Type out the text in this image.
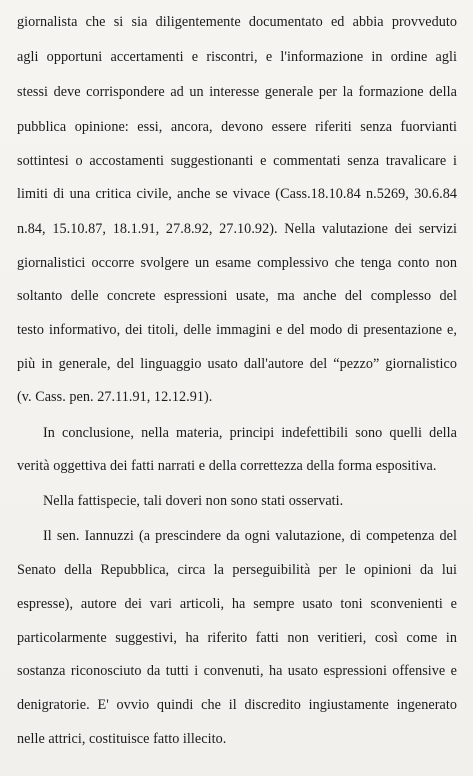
giornalista che si sia diligentemente documentato ed abbia provveduto
agli opportuni accertamenti e riscontri, e l'informazione in ordine agli
stessi deve corrispondere ad un interesse generale per la formazione della
pubblica opinione: essi, ancora, devono essere riferiti senza fuorvianti
sottintesi o accostamenti suggestionanti e commentati senza travalicare i
limiti di una critica civile, anche se vivace (Cass.18.10.84 n.5269, 30.6.84
n.84, 15.10.87, 18.1.91, 27.8.92, 27.10.92). Nella valutazione dei servizi
giornalistici occorre svolgere un esame complessivo che tenga conto non
soltanto delle concrete espressioni usate, ma anche del complesso del
testo informativo, dei titoli, delle immagini e del modo di presentazione e,
più in generale, del linguaggio usato dall'autore del “pezzo” giornalistico
(v. Cass. pen. 27.11.91, 12.12.91).
In conclusione, nella materia, principi indefettibili sono quelli della
verità oggettiva dei fatti narrati e della correttezza della forma espositiva.
Nella fattispecie, tali doveri non sono stati osservati.
Il sen. Iannuzzi (a prescindere da ogni valutazione, di competenza del
Senato della Repubblica, circa la perseguibilità per le opinioni da lui
espresse), autore dei vari articoli, ha sempre usato toni sconvenienti e
particolarmente suggestivi, ha riferito fatti non veritieri, così come in
sostanza riconosciuto da tutti i convenuti, ha usato espressioni offensive e
denigratorie. E' ovvio quindi che il discredito ingiustamente ingenerato
nelle attrici, costituisce fatto illecito.
